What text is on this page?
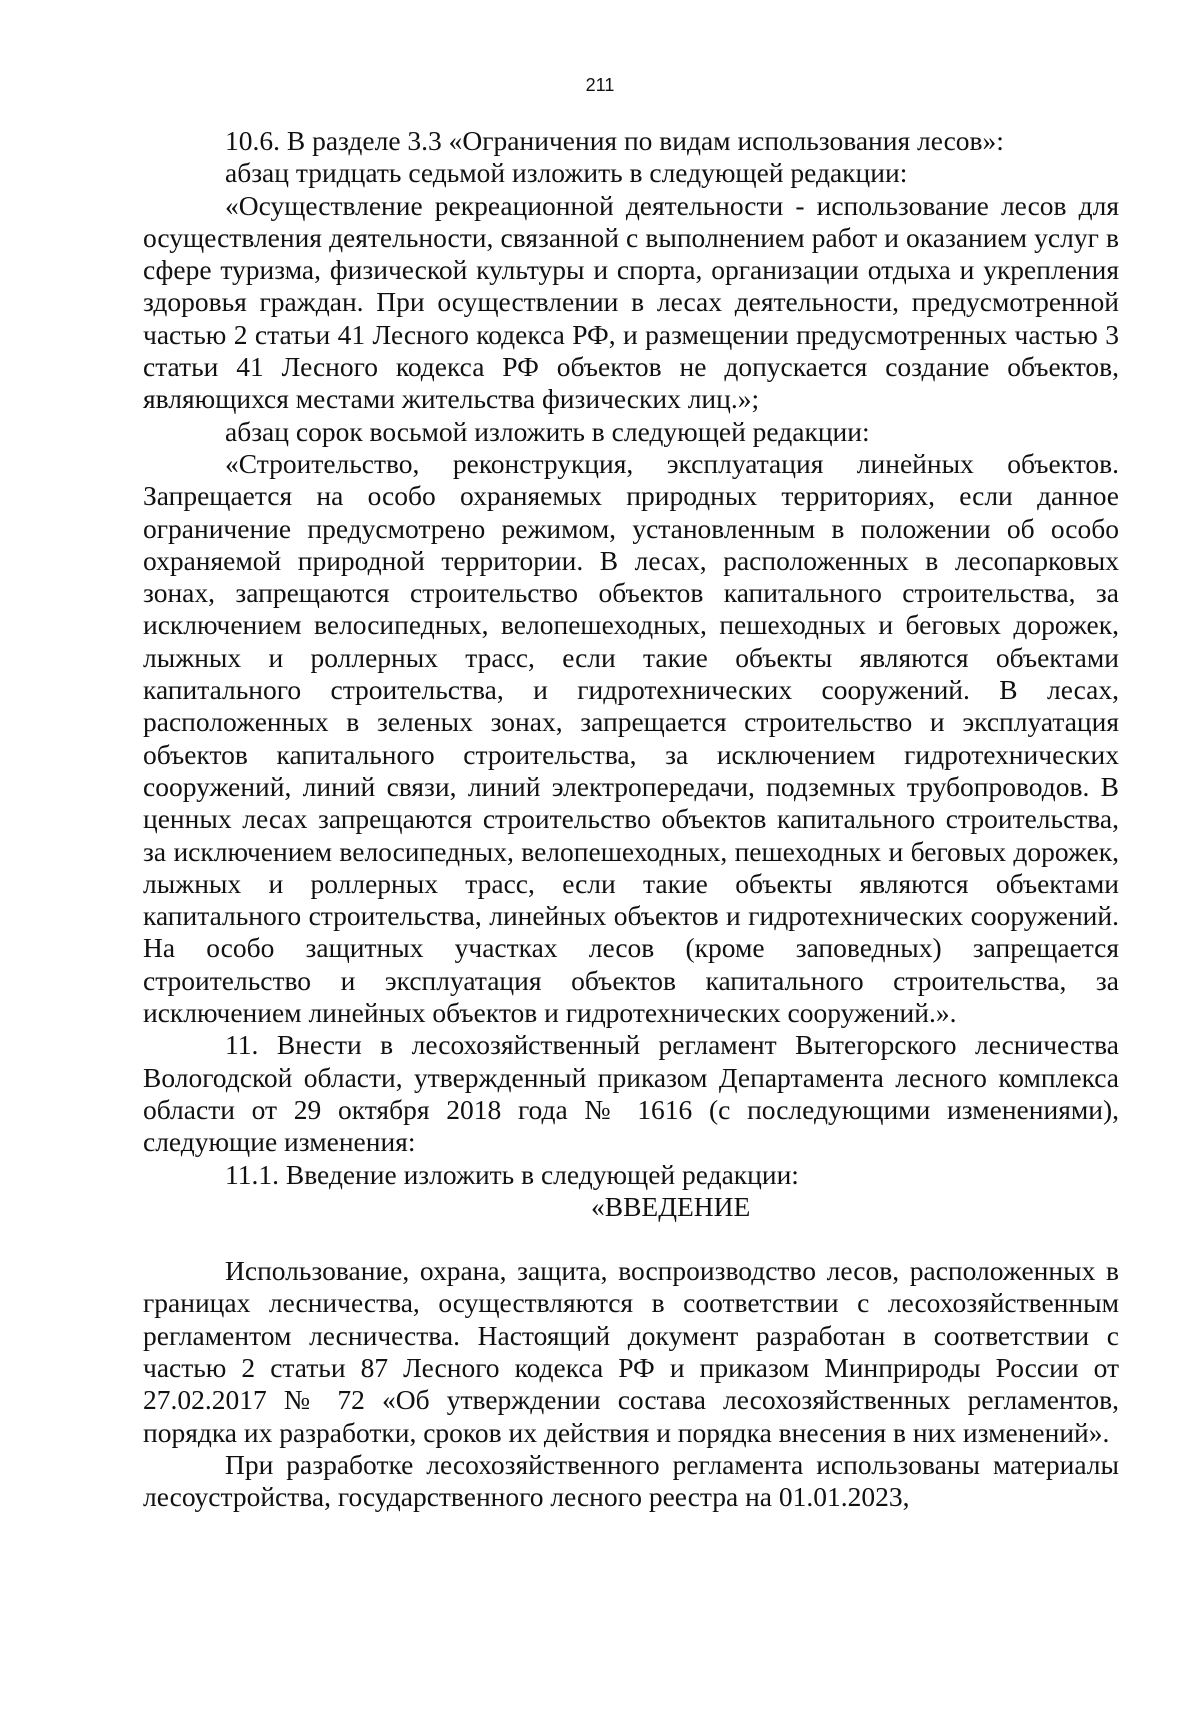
211

10.6. В разделе 3.3 «Ограничения по видам использования лесов»:

абзац тридцать седьмой изложить в следующей редакции:

«Осуществление рекреационной деятельности - использование лесов для осуществления деятельности, связанной с выполнением работ и оказанием услуг в сфере туризма, физической культуры и спорта, организации отдыха и укрепления здоровья граждан. При осуществлении в лесах деятельности, предусмотренной частью 2 статьи 41 Лесного кодекса РФ, и размещении предусмотренных частью 3 статьи 41 Лесного кодекса РФ объектов не допускается создание объектов, являющихся местами жительства физических лиц.»;

абзац сорок восьмой изложить в следующей редакции:

«Строительство, реконструкция, эксплуатация линейных объектов. Запрещается на особо охраняемых природных территориях, если данное ограничение предусмотрено режимом, установленным в положении об особо охраняемой природной территории. В лесах, расположенных в лесопарковых зонах, запрещаются строительство объектов капитального строительства, за исключением велосипедных, велопешеходных, пешеходных и беговых дорожек, лыжных и роллерных трасс, если такие объекты являются объектами капитального строительства, и гидротехнических сооружений. В лесах, расположенных в зеленых зонах, запрещается строительство и эксплуатация объектов капитального строительства, за исключением гидротехнических сооружений, линий связи, линий электропередачи, подземных трубопроводов. В ценных лесах запрещаются строительство объектов капитального строительства, за исключением велосипедных, велопешеходных, пешеходных и беговых дорожек, лыжных и роллерных трасс, если такие объекты являются объектами капитального строительства, линейных объектов и гидротехнических сооружений. На особо защитных участках лесов (кроме заповедных) запрещается строительство и эксплуатация объектов капитального строительства, за исключением линейных объектов и гидротехнических сооружений.».

11. Внести в лесохозяйственный регламент Вытегорского лесничества Вологодской области, утвержденный приказом Департамента лесного комплекса области от 29 октября 2018 года № 1616 (с последующими изменениями), следующие изменения:

11.1. Введение изложить в следующей редакции:

«ВВЕДЕНИЕ

Использование, охрана, защита, воспроизводство лесов, расположенных в границах лесничества, осуществляются в соответствии с лесохозяйственным регламентом лесничества. Настоящий документ разработан в соответствии с частью 2 статьи 87 Лесного кодекса РФ и приказом Минприроды России от 27.02.2017 № 72 «Об утверждении состава лесохозяйственных регламентов, порядка их разработки, сроков их действия и порядка внесения в них изменений».

При разработке лесохозяйственного регламента использованы материалы лесоустройства, государственного лесного реестра на 01.01.2023,
